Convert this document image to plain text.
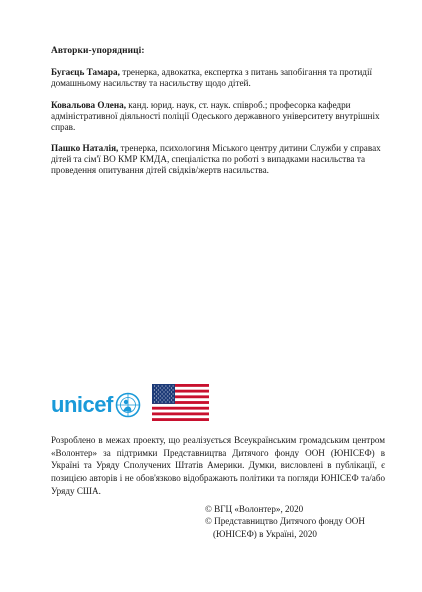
Авторки-упорядниці:

Бугаєць Тамара, тренерка, адвокатка, експертка з питань запобігання та протидії домашньому насильству та насильству щодо дітей.

Ковальова Олена, канд. юрид. наук, ст. наук. співроб.; професорка кафедри адміністративної діяльності поліції Одеського державного університету внутрішніх справ.

Пашко Наталія, тренерка, психологиня Міського центру дитини Служби у справах дітей та сім'ї ВО КМР КМДА, спеціалістка по роботі з випадками насильства та проведення опитування дітей свідків/жертв насильства.

unicef

Розроблено в межах проекту, що реалізується Всеукраїнським громадським центром «Волонтер» за підтримки Представництва Дитячого фонду ООН (ЮНІСЕФ) в Україні та Уряду Сполучених Штатів Америки. Думки, висловлені в публікації, є позицією авторів і не обов'язково відображають політики та погляди ЮНІСЕФ та/або Уряду США.

© ВГЦ «Волонтер», 2020

© Представництво Дитячого фонду ООН

(ЮНІСЕФ) в Україні, 2020
